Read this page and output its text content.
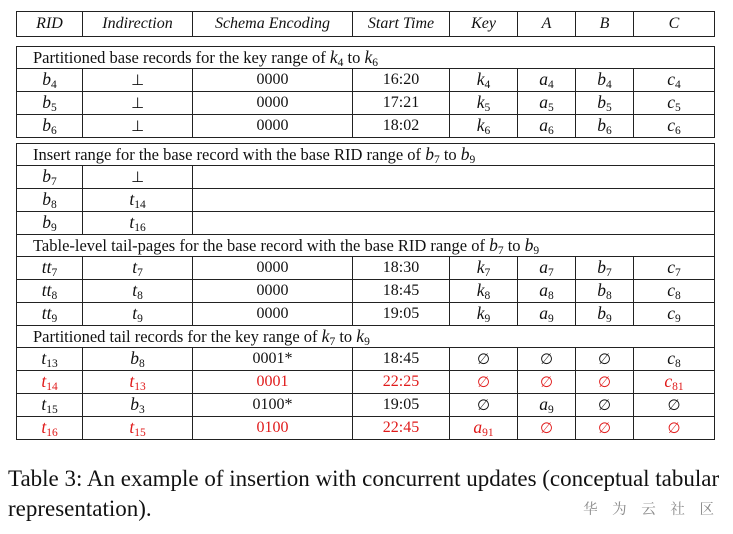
RID	Indirection	Schema Encoding	Start Time	Key	A	B	C
Partitioned base records for the key range of $k_4$ to $k_6$
$b_4$	⊥	0000	16:20	$k_4$	$a_4$	$b_4$	$c_4$
$b_5$	⊥	0000	17:21	$k_5$	$a_5$	$b_5$	$c_5$
$b_6$	⊥	0000	18:02	$k_6$	$a_6$	$b_6$	$c_6$
Insert range for the base record with the base RID range of $b_7$ to $b_9$
$b_7$	⊥						
$b_8$	$t_{14}$	
$b_9$	$t_{16}$	
Table-level tail-pages for the base record with the base RID range of $b_7$ to $b_9$
$tt_7$	$t_7$	0000	18:30	$k_7$	$a_7$	$b_7$	$c_7$
$tt_8$	$t_8$	0000	18:45	$k_8$	$a_8$	$b_8$	$c_8$
$tt_9$	$t_9$	0000	19:05	$k_9$	$a_9$	$b_9$	$c_9$
Partitioned tail records for the key range of $k_7$ to $k_9$
$t_{13}$	$b_8$	0001*	18:45	∅	∅	∅	$c_8$
$t_{14}$	$t_{13}$	0001	22:25	∅	∅	∅	$c_{81}$
$t_{15}$	$b_3$	0100*	19:05	∅	$a_9$	∅	∅
$t_{16}$	$t_{15}$	0100	22:45	$a_{91}$	∅	∅	∅
Table 3: An example of insertion with concurrent updates (conceptual tabular representation).	华 为 云 社 区
